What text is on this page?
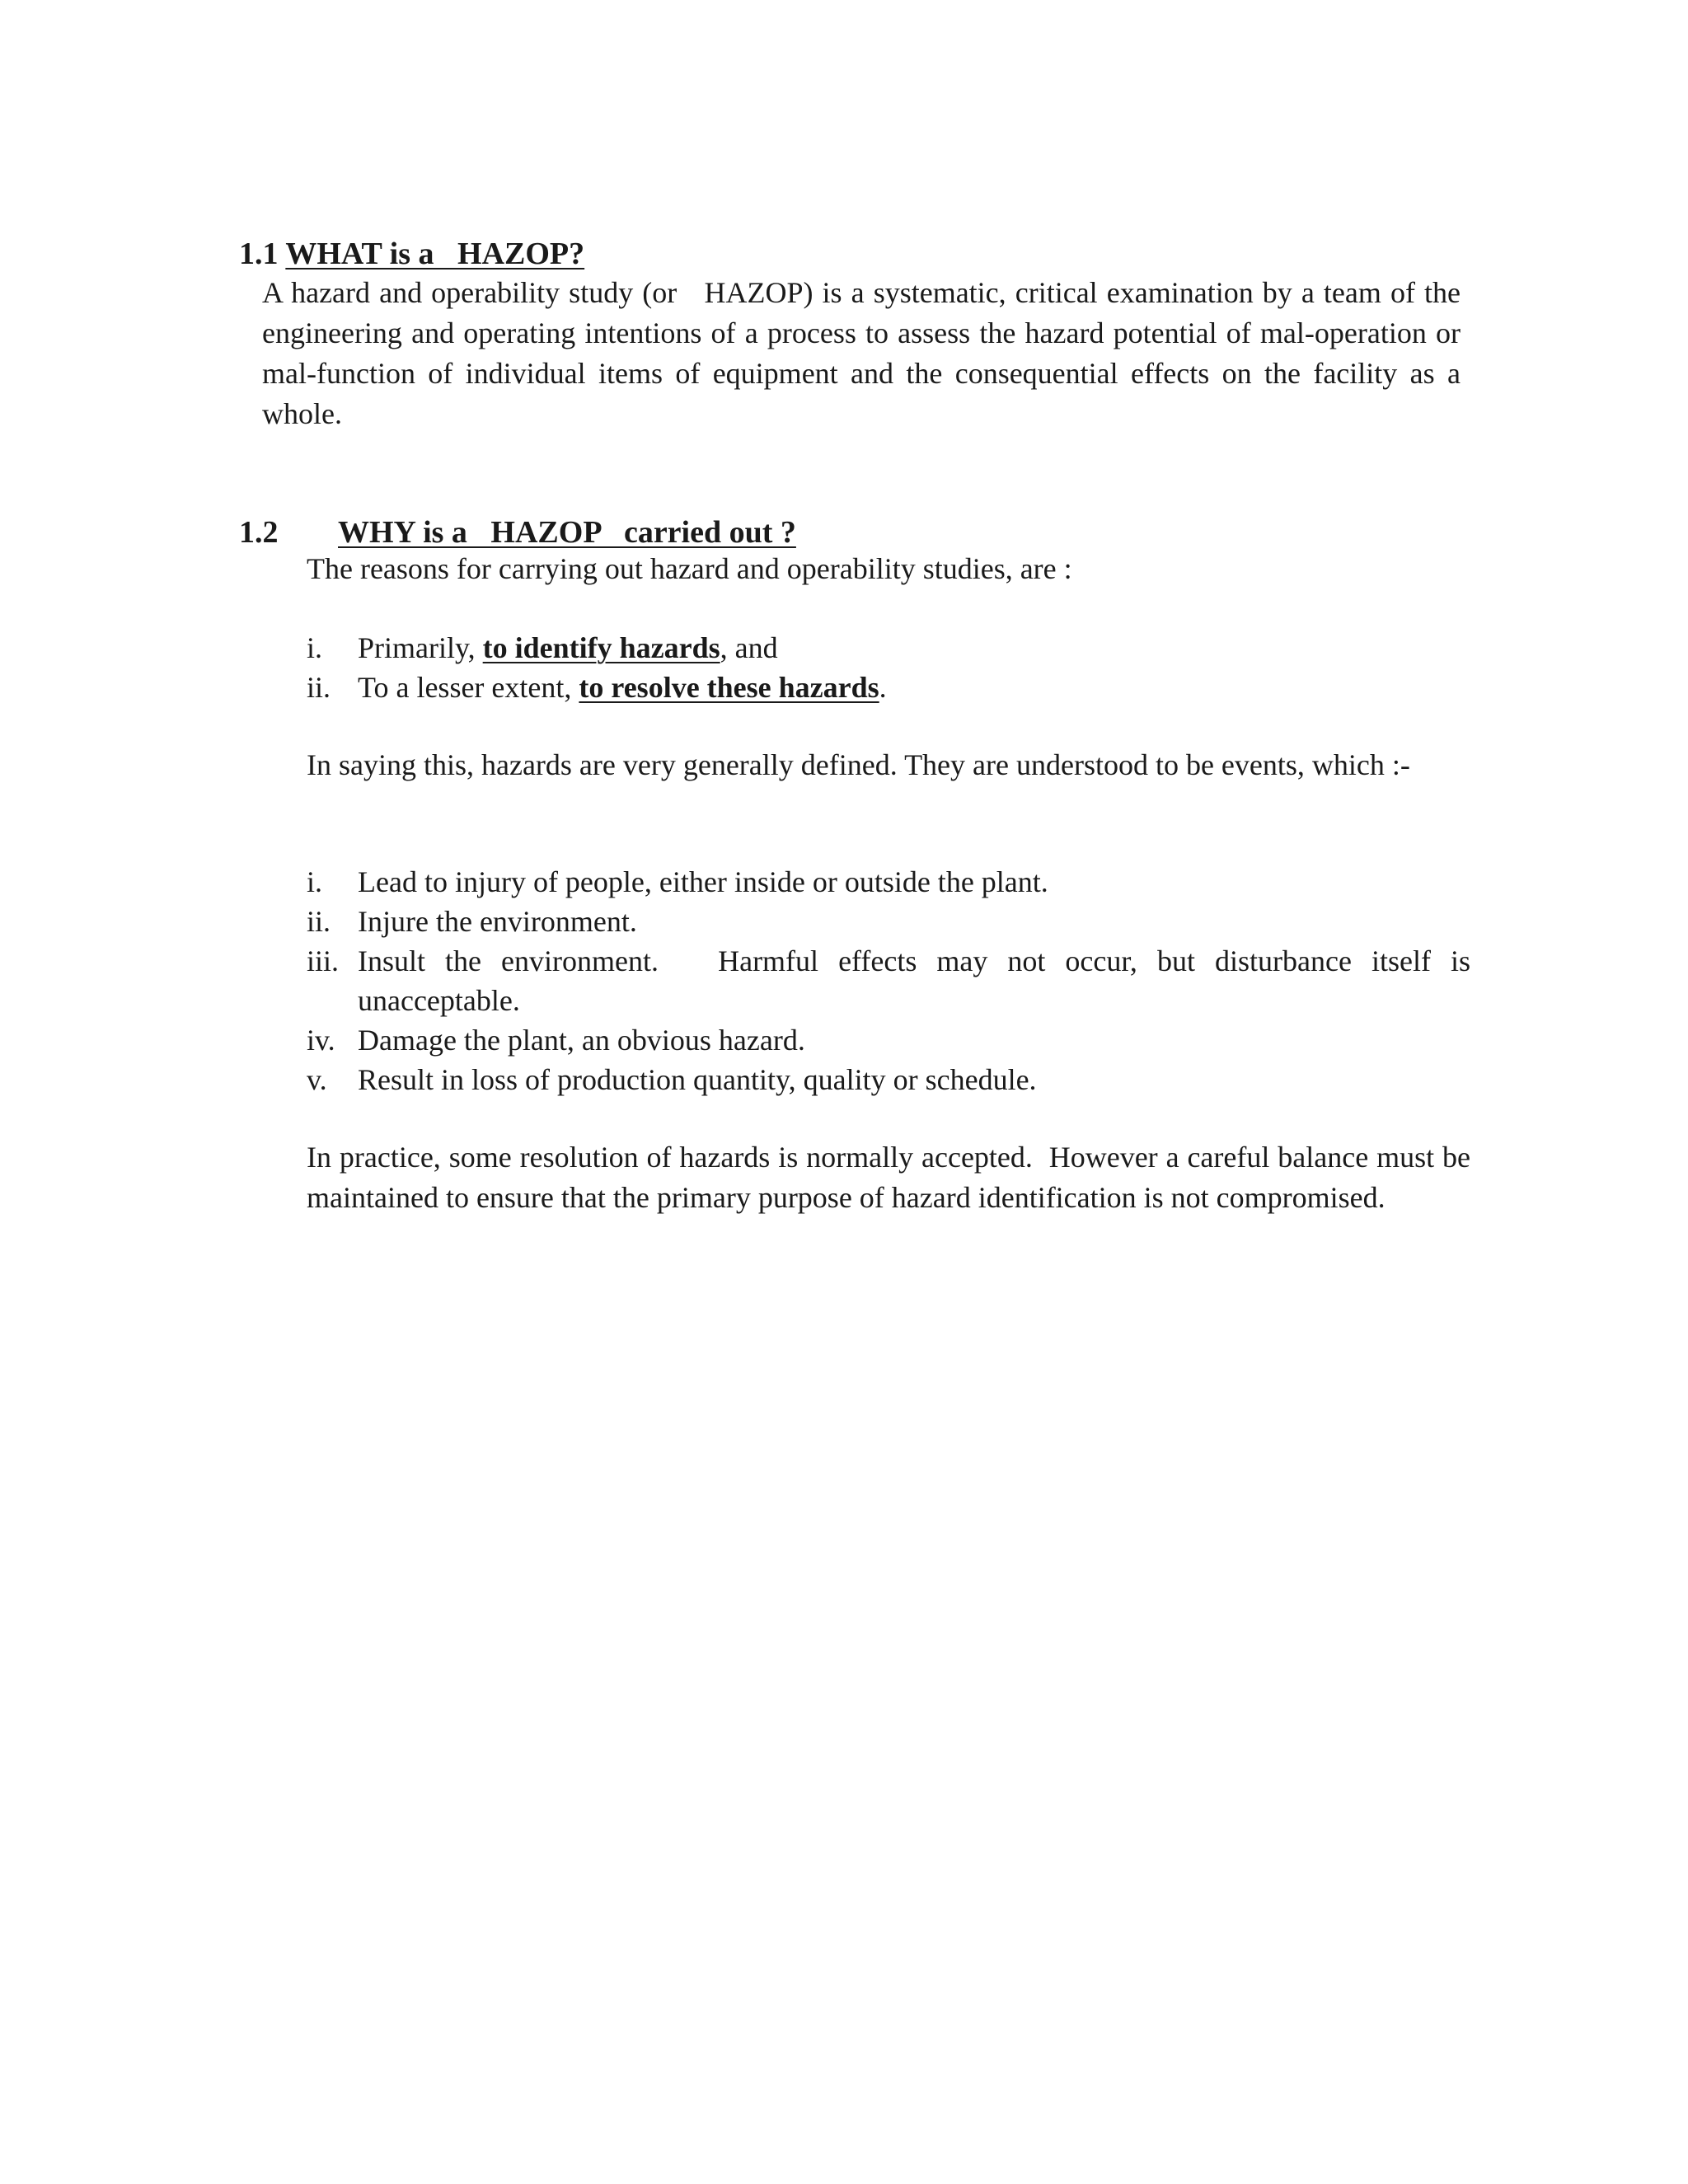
1.1 WHAT is a   HAZOP?

A hazard and operability study (or   HAZOP) is a systematic, critical examination by a team of the engineering and operating intentions of a process to assess the hazard potential of mal-operation or mal-function of individual items of equipment and the consequential effects on the facility as a whole.

1.2 WHY is a   HAZOP   carried out ?

The reasons for carrying out hazard and operability studies, are :
i.	Primarily, to identify hazards, and
ii. To a lesser extent, to resolve these hazards.
In saying this, hazards are very generally defined. They are understood to be events, which :-
i.	Lead to injury of people, either inside or outside the plant.
ii. Injure the environment.
iii. Insult the environment.   Harmful effects may not occur, but disturbance itself is unacceptable.
iv. Damage the plant, an obvious hazard.
v.	Result in loss of production quantity, quality or schedule.
In practice, some resolution of hazards is normally accepted.  However a careful balance must be maintained to ensure that the primary purpose of hazard identification is not compromised.
